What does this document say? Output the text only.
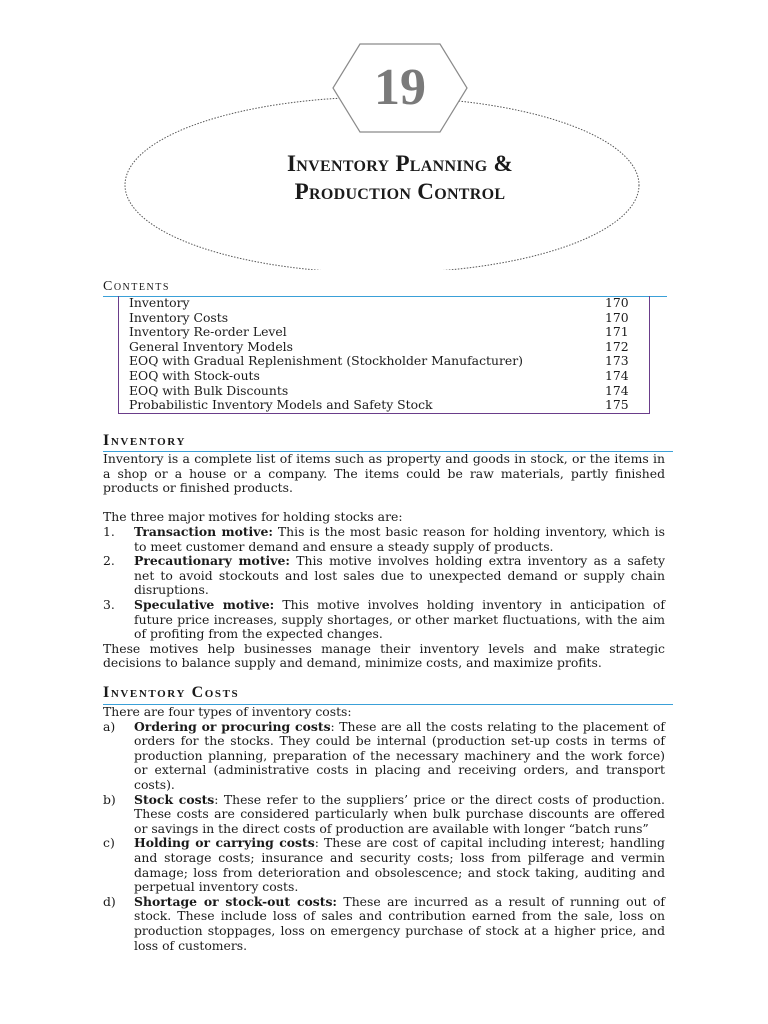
19
Inventory Planning &
Production Control
Contents
Inventory	170
Inventory Costs	170
Inventory Re-order Level	171
General Inventory Models	172
EOQ with Gradual Replenishment (Stockholder Manufacturer)	173
EOQ with Stock-outs	174
EOQ with Bulk Discounts	174
Probabilistic Inventory Models and Safety Stock	175
Inventory
Inventory is a complete list of items such as property and goods in stock, or the items in a shop or a house or a company. The items could be raw materials, partly finished products or finished products.
The three major motives for holding stocks are:
1.	Transaction motive: This is the most basic reason for holding inventory, which is to meet customer demand and ensure a steady supply of products.
2.	Precautionary motive: This motive involves holding extra inventory as a safety net to avoid stockouts and lost sales due to unexpected demand or supply chain disruptions.
3.	Speculative motive: This motive involves holding inventory in anticipation of future price increases, supply shortages, or other market fluctuations, with the aim of profiting from the expected changes.
These motives help businesses manage their inventory levels and make strategic decisions to balance supply and demand, minimize costs, and maximize profits.
Inventory Costs
There are four types of inventory costs:
a)	Ordering or procuring costs: These are all the costs relating to the placement of orders for the stocks. They could be internal (production set-up costs in terms of production planning, preparation of the necessary machinery and the work force) or external (administrative costs in placing and receiving orders, and transport costs).
b)	Stock costs: These refer to the suppliers’ price or the direct costs of production. These costs are considered particularly when bulk purchase discounts are offered or savings in the direct costs of production are available with longer “batch runs”
c)	Holding or carrying costs: These are cost of capital including interest; handling and storage costs; insurance and security costs; loss from pilferage and vermin damage; loss from deterioration and obsolescence; and stock taking, auditing and perpetual inventory costs.
d)	Shortage or stock-out costs: These are incurred as a result of running out of stock. These include loss of sales and contribution earned from the sale, loss on production stoppages, loss on emergency purchase of stock at a higher price, and loss of customers.
